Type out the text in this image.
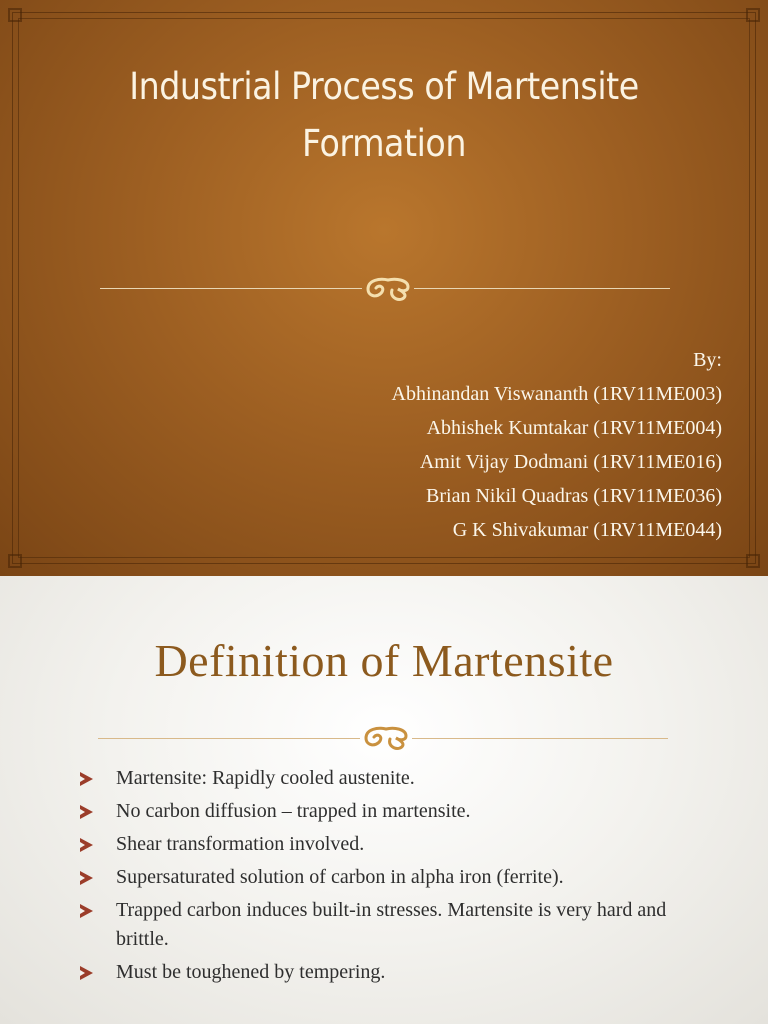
Industrial Process of Martensite Formation
By:
Abhinandan Viswananth (1RV11ME003)
Abhishek Kumtakar (1RV11ME004)
Amit Vijay Dodmani (1RV11ME016)
Brian Nikil Quadras (1RV11ME036)
G K Shivakumar (1RV11ME044)
Definition of Martensite
Martensite: Rapidly cooled austenite.
No carbon diffusion – trapped in martensite.
Shear transformation involved.
Supersaturated solution of carbon in alpha iron (ferrite).
Trapped carbon induces built-in stresses. Martensite is very hard and brittle.
Must be toughened by tempering.
